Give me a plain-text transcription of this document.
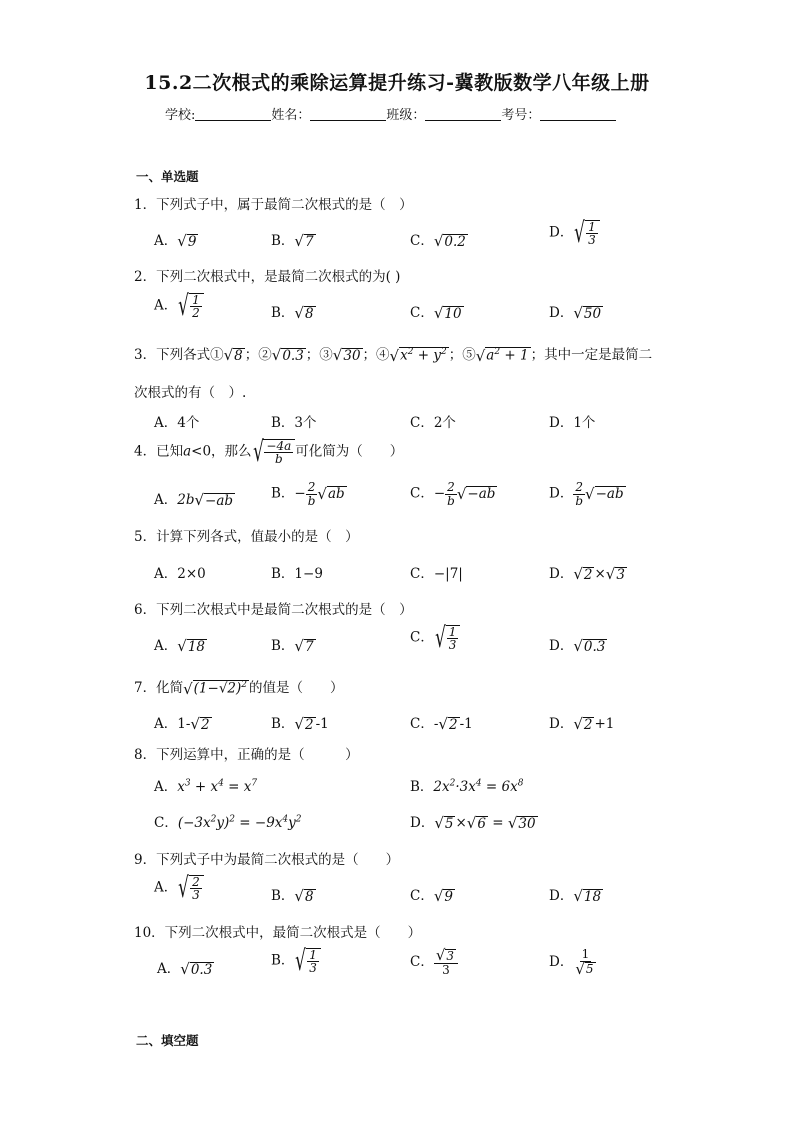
15.2二次根式的乘除运算提升练习-冀教版数学八年级上册
学校:	姓名：	班级：	考号：
一、单选题
1．下列式子中，属于最简二次根式的是（　）
A． √ 9	B． √ 7	C． √ 0.2
D． √ $\frac{1}{3}$
2．下列二次根式中，是最简二次根式的为( )
A． √ $\frac{1}{2}$	B． √ 8	C． √ 10	D． √ 50
3．下列各式① √ 8 ；② √ 0.3 ；③ √ 30 ；④ √ $x^2 + y^2$ ；⑤ √ $a^2 + 1$ ；其中一定是最简二
次根式的有（　）.
A．4个	B．3个	C．2个	D．1个
4．已知a<0，那么 √ $\frac{-4a}{b}$ 可化简为（　　）
A．2b √ −ab	B．− $\frac{2}{b}$ √ ab	C．− $\frac{2}{b}$ √ −ab	D． $\frac{2}{b}$ √ −ab
5．计算下列各式，值最小的是（　）
A．2×0	B．1−9	C．−|7|	D． √ 2 × √ 3
6．下列二次根式中是最简二次根式的是（　）
A． √ 18	B． √ 7
C． √ $\frac{1}{3}$	D． √ 0.3
7．化简 √ $(1-√2)^2$ 的值是（　　）
A．1- √ 2	B． √ 2 -1	C．- √ 2 -1	D． √ 2 +1
8．下列运算中，正确的是（　　　）
A．$x^3 + x^4 = x^7$	B．$2x^2\cdot 3x^4 = 6x^8$
C．$(-3x^2y)^2 = -9x^4y^2$	D． √ 5 × √ 6 = √ 30
9．下列式子中为最简二次根式的是（　　）
A． √ $\frac{2}{3}$	B． √ 8	C． √ 9	D． √ 18
10．下列二次根式中，最简二次根式是（　　）
A． √ 0.3
B． √ $\frac{1}{3}$	C． $\frac{√ 3}{3}$	D． $\frac{1}{√ 5}$
二、填空题
